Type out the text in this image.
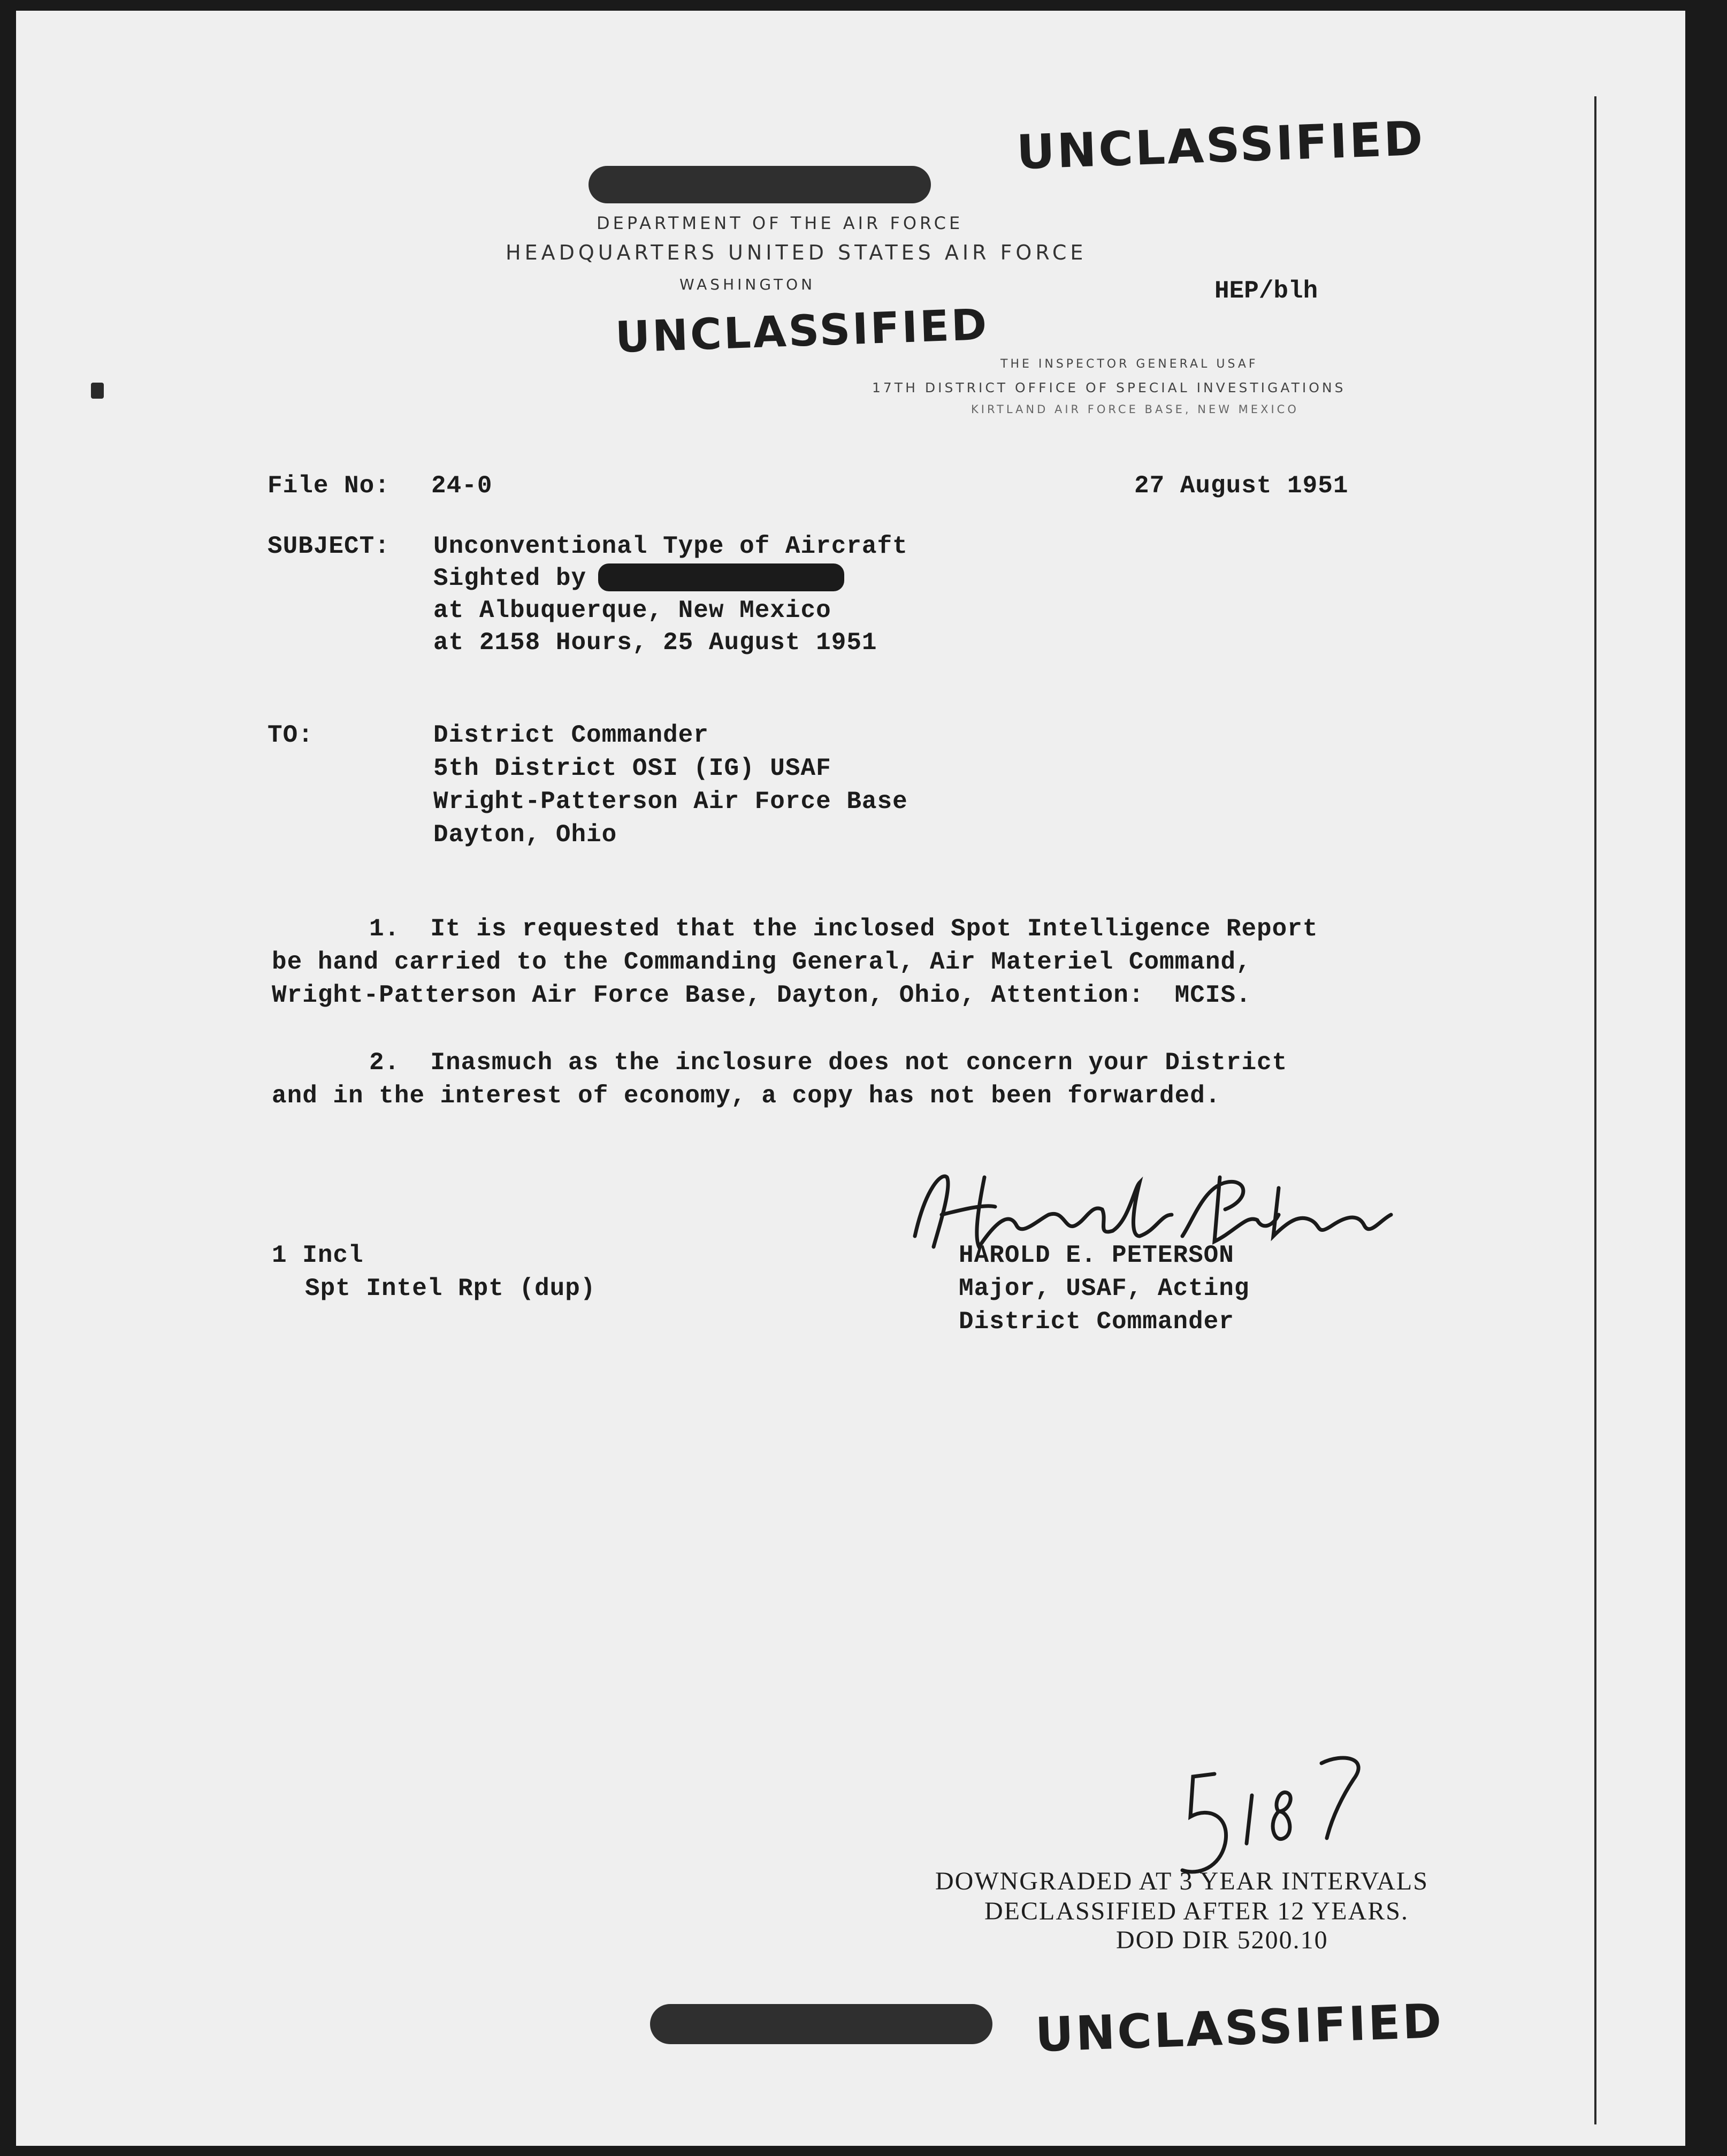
UNCLASSIFIED
DEPARTMENT OF THE AIR FORCE
HEADQUARTERS UNITED STATES AIR FORCE
WASHINGTON	HEP/blh
UNCLASSIFIED
THE INSPECTOR GENERAL USAF
17TH DISTRICT OFFICE OF SPECIAL INVESTIGATIONS
KIRTLAND AIR FORCE BASE, NEW MEXICO
File No: 24-0	27 August 1951
SUBJECT: Unconventional Type of Aircraft
Sighted by
at Albuquerque, New Mexico
at 2158 Hours, 25 August 1951
TO:	District Commander
5th District OSI (IG) USAF
Wright-Patterson Air Force Base
Dayton, Ohio
1.  It is requested that the inclosed Spot Intelligence Report
be hand carried to the Commanding General, Air Materiel Command,
Wright-Patterson Air Force Base, Dayton, Ohio, Attention:  MCIS.
2.  Inasmuch as the inclosure does not concern your District
and in the interest of economy, a copy has not been forwarded.
HAROLD E. PETERSON
Major, USAF, Acting
District Commander
1 Incl
Spt Intel Rpt (dup)
DOWNGRADED AT 3 YEAR INTERVALS
DECLASSIFIED AFTER 12 YEARS.
DOD DIR 5200.10
UNCLASSIFIED
